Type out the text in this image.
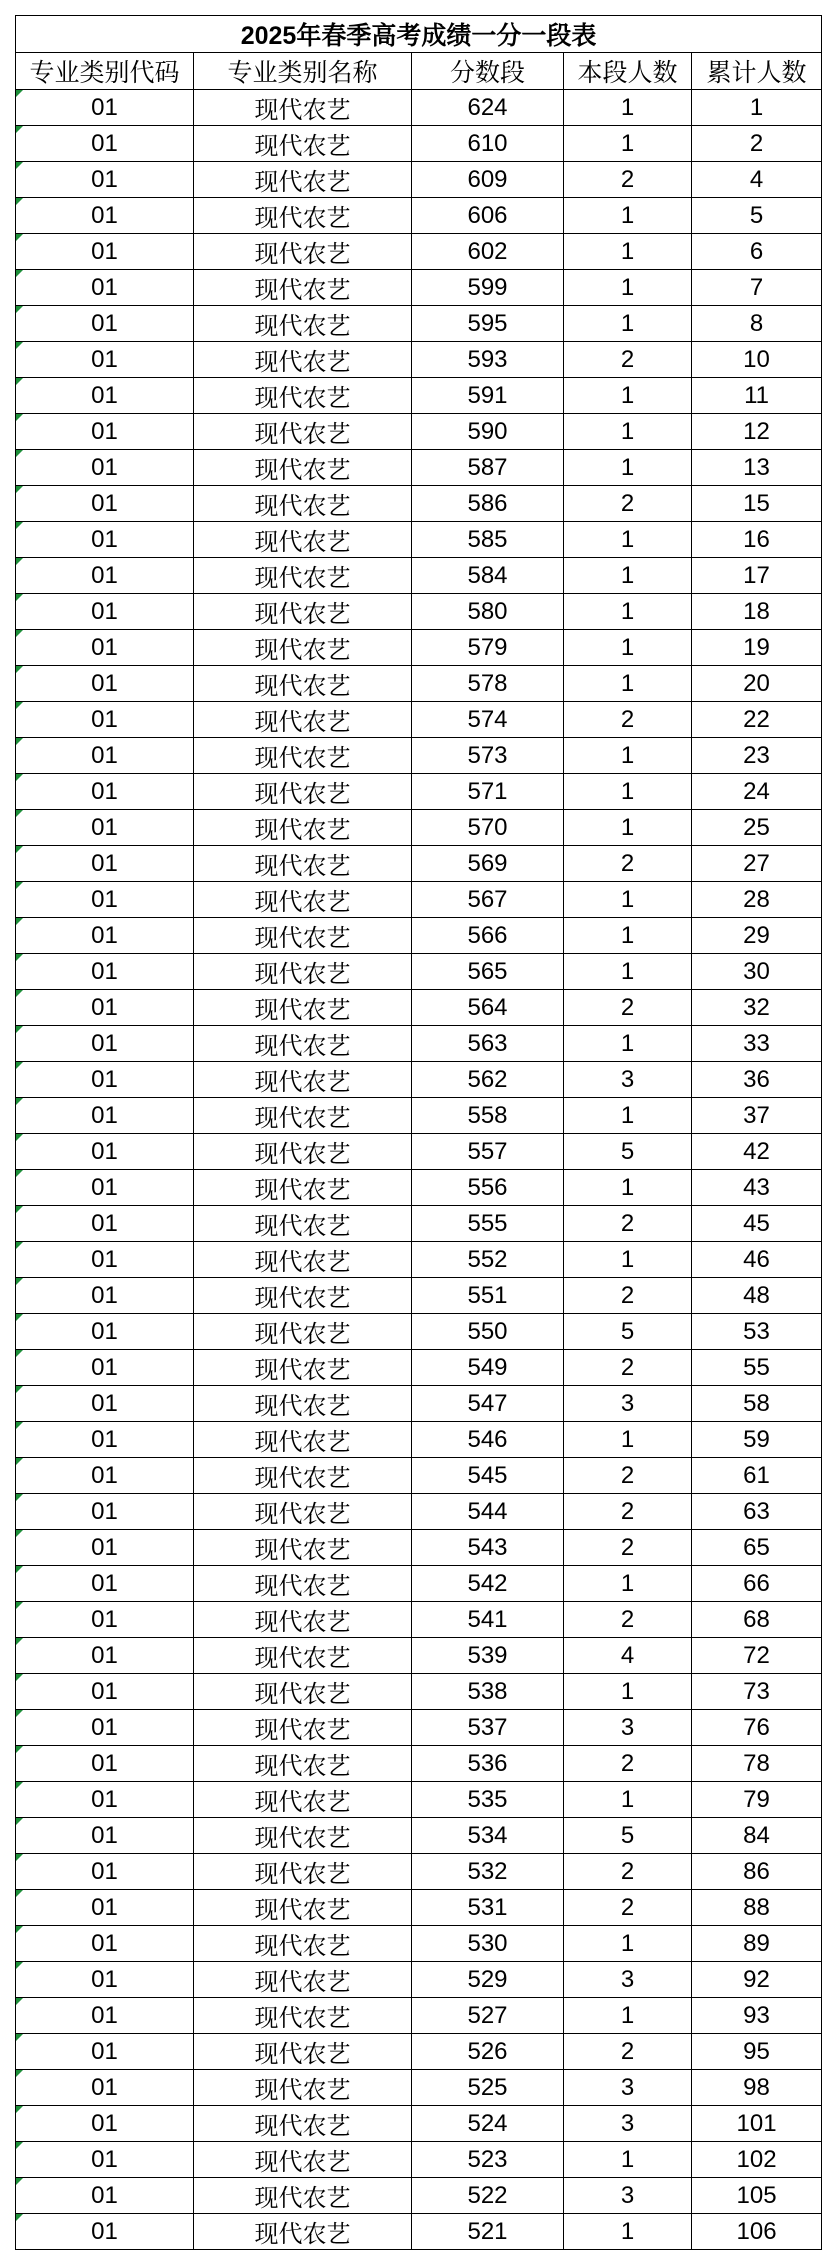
2025年春季高考成绩一分一段表				
专业类别代码	专业类别名称	分数段	本段人数	累计人数
01	现代农艺	624	1	1
01	现代农艺	610	1	2
01	现代农艺	609	2	4
01	现代农艺	606	1	5
01	现代农艺	602	1	6
01	现代农艺	599	1	7
01	现代农艺	595	1	8
01	现代农艺	593	2	10
01	现代农艺	591	1	11
01	现代农艺	590	1	12
01	现代农艺	587	1	13
01	现代农艺	586	2	15
01	现代农艺	585	1	16
01	现代农艺	584	1	17
01	现代农艺	580	1	18
01	现代农艺	579	1	19
01	现代农艺	578	1	20
01	现代农艺	574	2	22
01	现代农艺	573	1	23
01	现代农艺	571	1	24
01	现代农艺	570	1	25
01	现代农艺	569	2	27
01	现代农艺	567	1	28
01	现代农艺	566	1	29
01	现代农艺	565	1	30
01	现代农艺	564	2	32
01	现代农艺	563	1	33
01	现代农艺	562	3	36
01	现代农艺	558	1	37
01	现代农艺	557	5	42
01	现代农艺	556	1	43
01	现代农艺	555	2	45
01	现代农艺	552	1	46
01	现代农艺	551	2	48
01	现代农艺	550	5	53
01	现代农艺	549	2	55
01	现代农艺	547	3	58
01	现代农艺	546	1	59
01	现代农艺	545	2	61
01	现代农艺	544	2	63
01	现代农艺	543	2	65
01	现代农艺	542	1	66
01	现代农艺	541	2	68
01	现代农艺	539	4	72
01	现代农艺	538	1	73
01	现代农艺	537	3	76
01	现代农艺	536	2	78
01	现代农艺	535	1	79
01	现代农艺	534	5	84
01	现代农艺	532	2	86
01	现代农艺	531	2	88
01	现代农艺	530	1	89
01	现代农艺	529	3	92
01	现代农艺	527	1	93
01	现代农艺	526	2	95
01	现代农艺	525	3	98
01	现代农艺	524	3	101
01	现代农艺	523	1	102
01	现代农艺	522	3	105
01	现代农艺	521	1	106
